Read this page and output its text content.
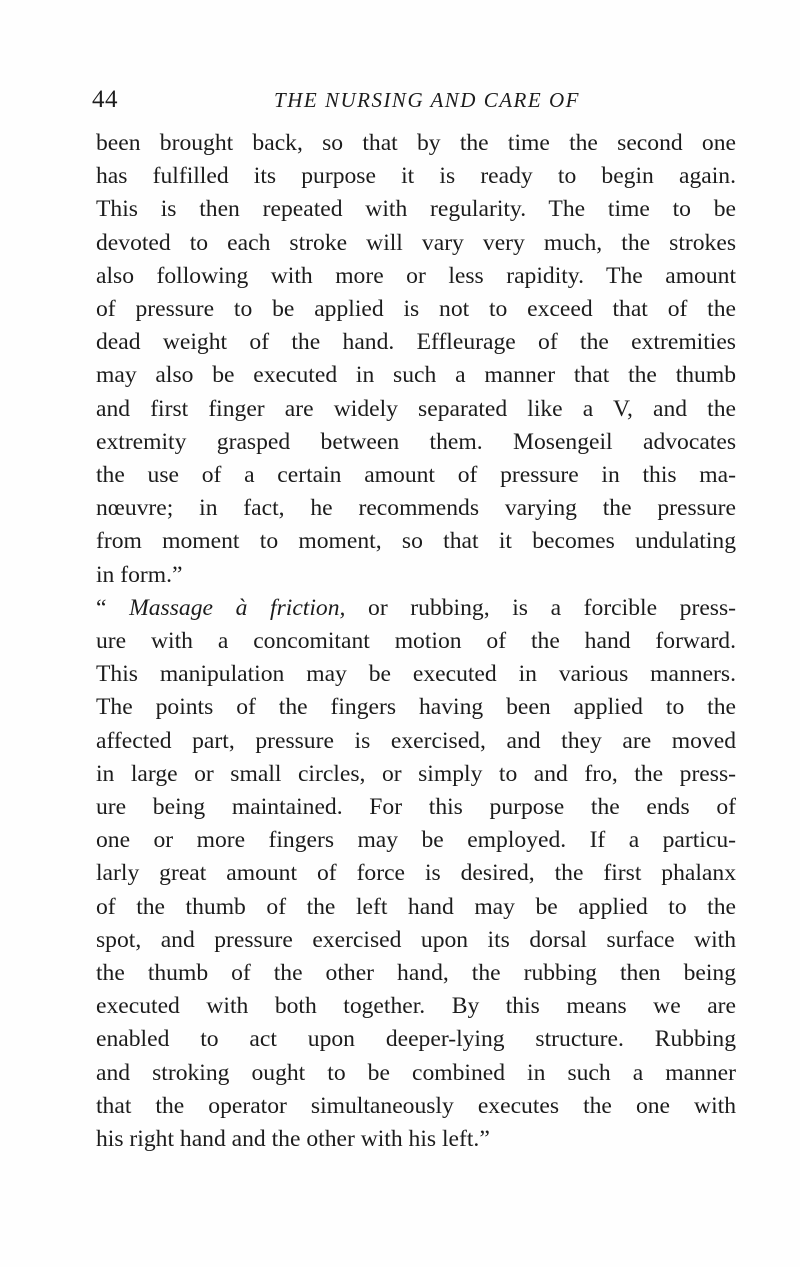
44	THE NURSING AND CARE OF
been brought back, so that by the time the second one
has fulfilled its purpose it is ready to begin again.
This is then repeated with regularity. The time to be
devoted to each stroke will vary very much, the strokes
also following with more or less rapidity. The amount
of pressure to be applied is not to exceed that of the
dead weight of the hand. Effleurage of the extremities
may also be executed in such a manner that the thumb
and first finger are widely separated like a V, and the
extremity grasped between them. Mosengeil advocates
the use of a certain amount of pressure in this ma-
nœuvre; in fact, he recommends varying the pressure
from moment to moment, so that it becomes undulating
in form.”
“ Massage à friction, or rubbing, is a forcible press-
ure with a concomitant motion of the hand forward.
This manipulation may be executed in various manners.
The points of the fingers having been applied to the
affected part, pressure is exercised, and they are moved
in large or small circles, or simply to and fro, the press-
ure being maintained. For this purpose the ends of
one or more fingers may be employed. If a particu-
larly great amount of force is desired, the first phalanx
of the thumb of the left hand may be applied to the
spot, and pressure exercised upon its dorsal surface with
the thumb of the other hand, the rubbing then being
executed with both together. By this means we are
enabled to act upon deeper-lying structure. Rubbing
and stroking ought to be combined in such a manner
that the operator simultaneously executes the one with
his right hand and the other with his left.”
